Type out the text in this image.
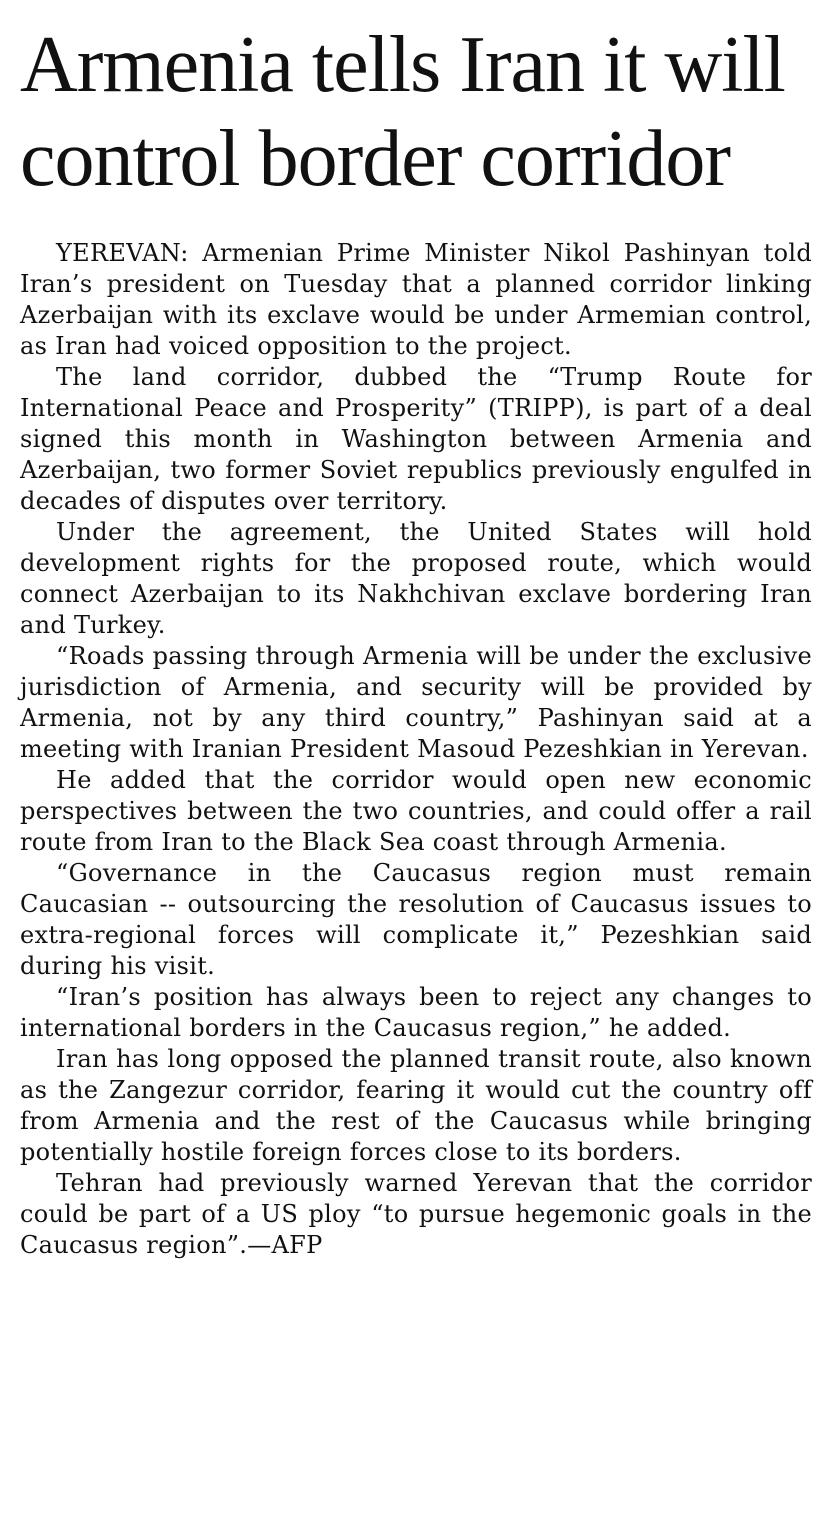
Armenia tells Iran it will control border corridor

YEREVAN: Armenian Prime Minister Nikol Pashinyan told Iran’s president on Tuesday that a planned corridor linking Azerbaijan with its exclave would be under Armemian control, as Iran had voiced opposition to the project.

The land corridor, dubbed the “Trump Route for International Peace and Prosperity” (TRIPP), is part of a deal signed this month in Washington between Armenia and Azerbaijan, two former Soviet republics previously engulfed in decades of disputes over territory.

Under the agreement, the United States will hold development rights for the proposed route, which would connect Azerbaijan to its Nakhchivan exclave bordering Iran and Turkey.

“Roads passing through Armenia will be under the exclusive jurisdiction of Armenia, and security will be provided by Armenia, not by any third country,” Pashinyan said at a meeting with Iranian President Masoud Pezeshkian in Yerevan.

He added that the corridor would open new economic perspectives between the two countries, and could offer a rail route from Iran to the Black Sea coast through Armenia.

“Governance in the Caucasus region must remain Caucasian -- outsourcing the resolution of Caucasus issues to extra-regional forces will complicate it,” Pezeshkian said during his visit.

“Iran’s position has always been to reject any changes to international borders in the Caucasus region,” he added.

Iran has long opposed the planned transit route, also known as the Zangezur corridor, fearing it would cut the country off from Armenia and the rest of the Caucasus while bringing potentially hostile foreign forces close to its borders.

Tehran had previously warned Yerevan that the corridor could be part of a US ploy “to pursue hegemonic goals in the Caucasus region”.—AFP
